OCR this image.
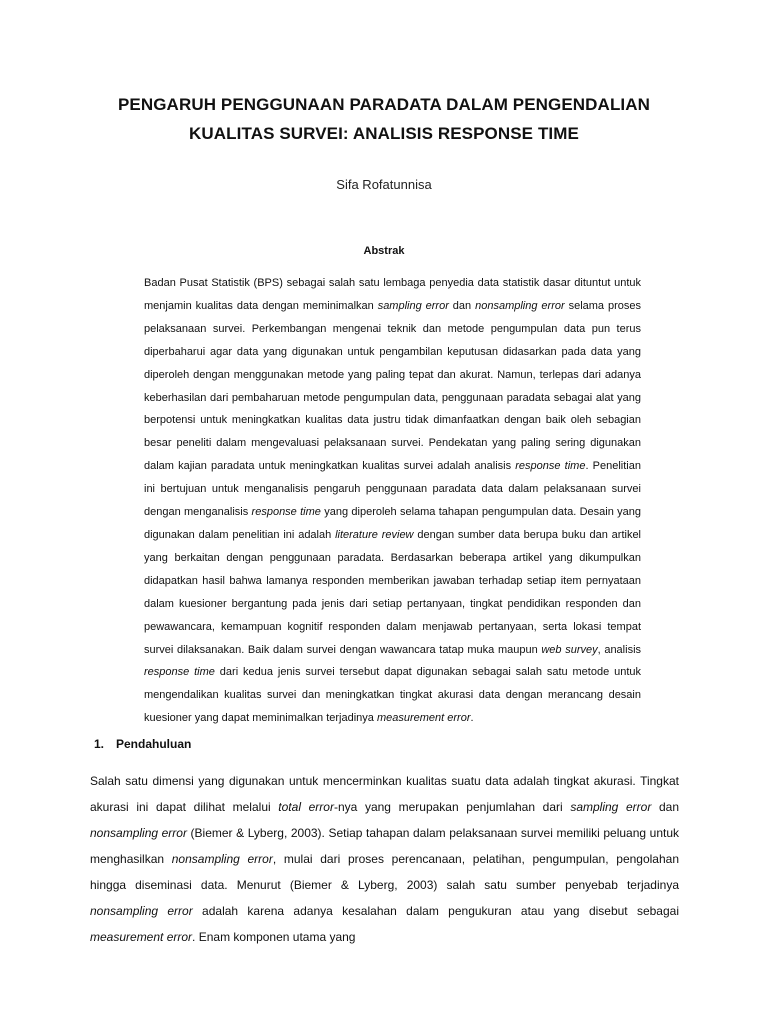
PENGARUH PENGGUNAAN PARADATA DALAM PENGENDALIAN
KUALITAS SURVEI: ANALISIS RESPONSE TIME
Sifa Rofatunnisa
Abstrak

Badan Pusat Statistik (BPS) sebagai salah satu lembaga penyedia data statistik dasar dituntut untuk menjamin kualitas data dengan meminimalkan sampling error dan nonsampling error selama proses pelaksanaan survei. Perkembangan mengenai teknik dan metode pengumpulan data pun terus diperbaharui agar data yang digunakan untuk pengambilan keputusan didasarkan pada data yang diperoleh dengan menggunakan metode yang paling tepat dan akurat. Namun, terlepas dari adanya keberhasilan dari pembaharuan metode pengumpulan data, penggunaan paradata sebagai alat yang berpotensi untuk meningkatkan kualitas data justru tidak dimanfaatkan dengan baik oleh sebagian besar peneliti dalam mengevaluasi pelaksanaan survei. Pendekatan yang paling sering digunakan dalam kajian paradata untuk meningkatkan kualitas survei adalah analisis response time. Penelitian ini bertujuan untuk menganalisis pengaruh penggunaan paradata data dalam pelaksanaan survei dengan menganalisis response time yang diperoleh selama tahapan pengumpulan data. Desain yang digunakan dalam penelitian ini adalah literature review dengan sumber data berupa buku dan artikel yang berkaitan dengan penggunaan paradata. Berdasarkan beberapa artikel yang dikumpulkan didapatkan hasil bahwa lamanya responden memberikan jawaban terhadap setiap item pernyataan dalam kuesioner bergantung pada jenis dari setiap pertanyaan, tingkat pendidikan responden dan pewawancara, kemampuan kognitif responden dalam menjawab pertanyaan, serta lokasi tempat survei dilaksanakan. Baik dalam survei dengan wawancara tatap muka maupun web survey, analisis response time dari kedua jenis survei tersebut dapat digunakan sebagai salah satu metode untuk mengendalikan kualitas survei dan meningkatkan tingkat akurasi data dengan merancang desain kuesioner yang dapat meminimalkan terjadinya measurement error.

1. Pendahuluan

Salah satu dimensi yang digunakan untuk mencerminkan kualitas suatu data adalah tingkat akurasi. Tingkat akurasi ini dapat dilihat melalui total error-nya yang merupakan penjumlahan dari sampling error dan nonsampling error (Biemer & Lyberg, 2003). Setiap tahapan dalam pelaksanaan survei memiliki peluang untuk menghasilkan nonsampling error, mulai dari proses perencanaan, pelatihan, pengumpulan, pengolahan hingga diseminasi data. Menurut (Biemer & Lyberg, 2003) salah satu sumber penyebab terjadinya nonsampling error adalah karena adanya kesalahan dalam pengukuran atau yang disebut sebagai measurement error. Enam komponen utama yang
